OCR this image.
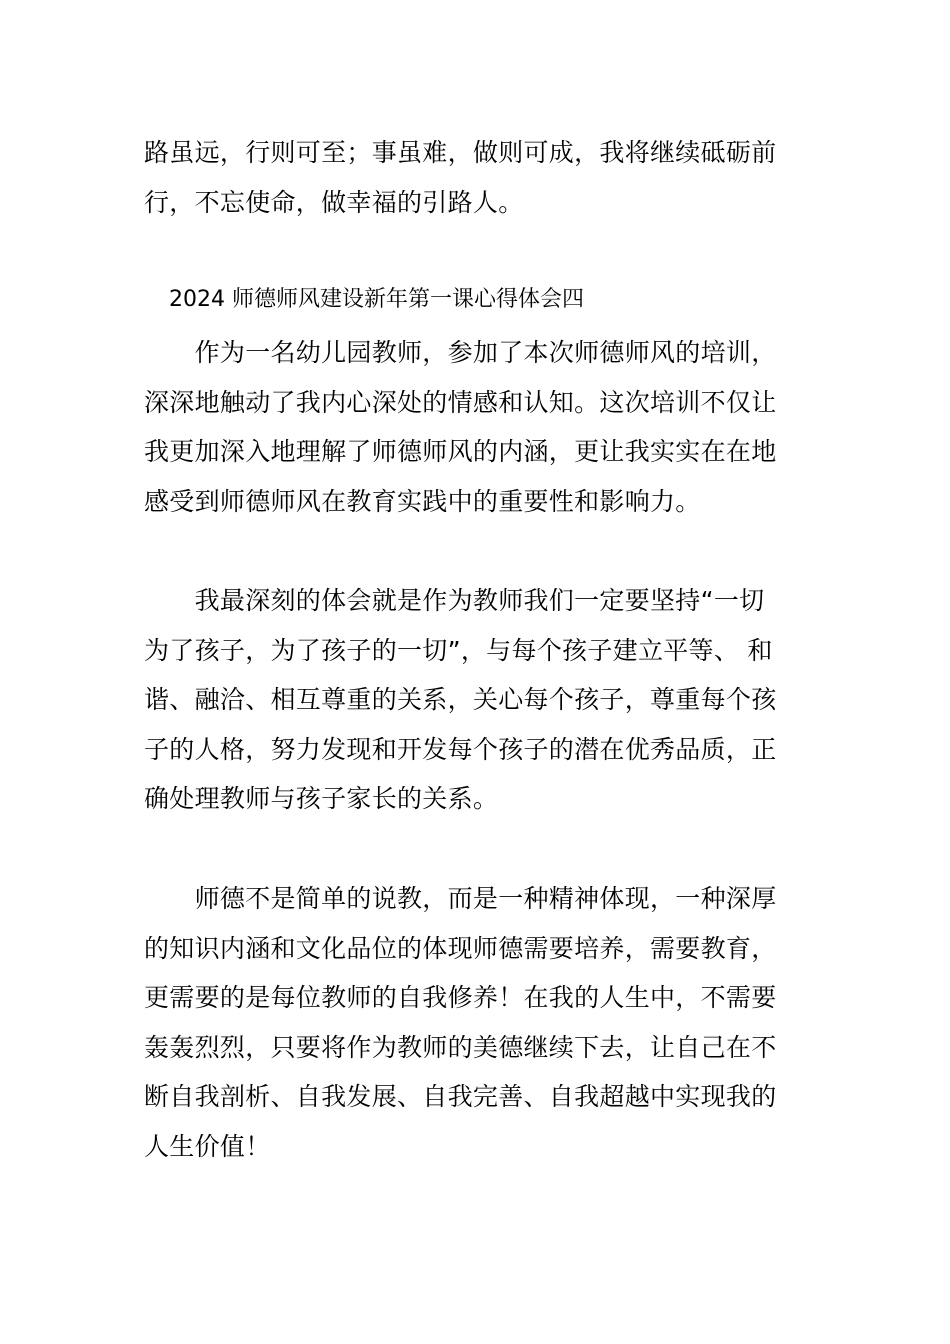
路虽远，行则可至；事虽难，做则可成，我将继续砥砺前
行，不忘使命，做幸福的引路人。
2024 师德师风建设新年第一课心得体会四
　　作为一名幼儿园教师，参加了本次师德师风的培训，
深深地触动了我内心深处的情感和认知。这次培训不仅让
我更加深入地理解了师德师风的内涵，更让我实实在在地
感受到师德师风在教育实践中的重要性和影响力。
　　我最深刻的体会就是作为教师我们一定要坚持“一切
为了孩子，为了孩子的一切”，与每个孩子建立平等、 和
谐、融洽、相互尊重的关系，关心每个孩子，尊重每个孩
子的人格，努力发现和开发每个孩子的潜在优秀品质，正
确处理教师与孩子家长的关系。
　　师德不是简单的说教，而是一种精神体现，一种深厚
的知识内涵和文化品位的体现师德需要培养，需要教育，
更需要的是每位教师的自我修养！在我的人生中，不需要
轰轰烈烈，只要将作为教师的美德继续下去，让自己在不
断自我剖析、自我发展、自我完善、自我超越中实现我的
人生价值！
